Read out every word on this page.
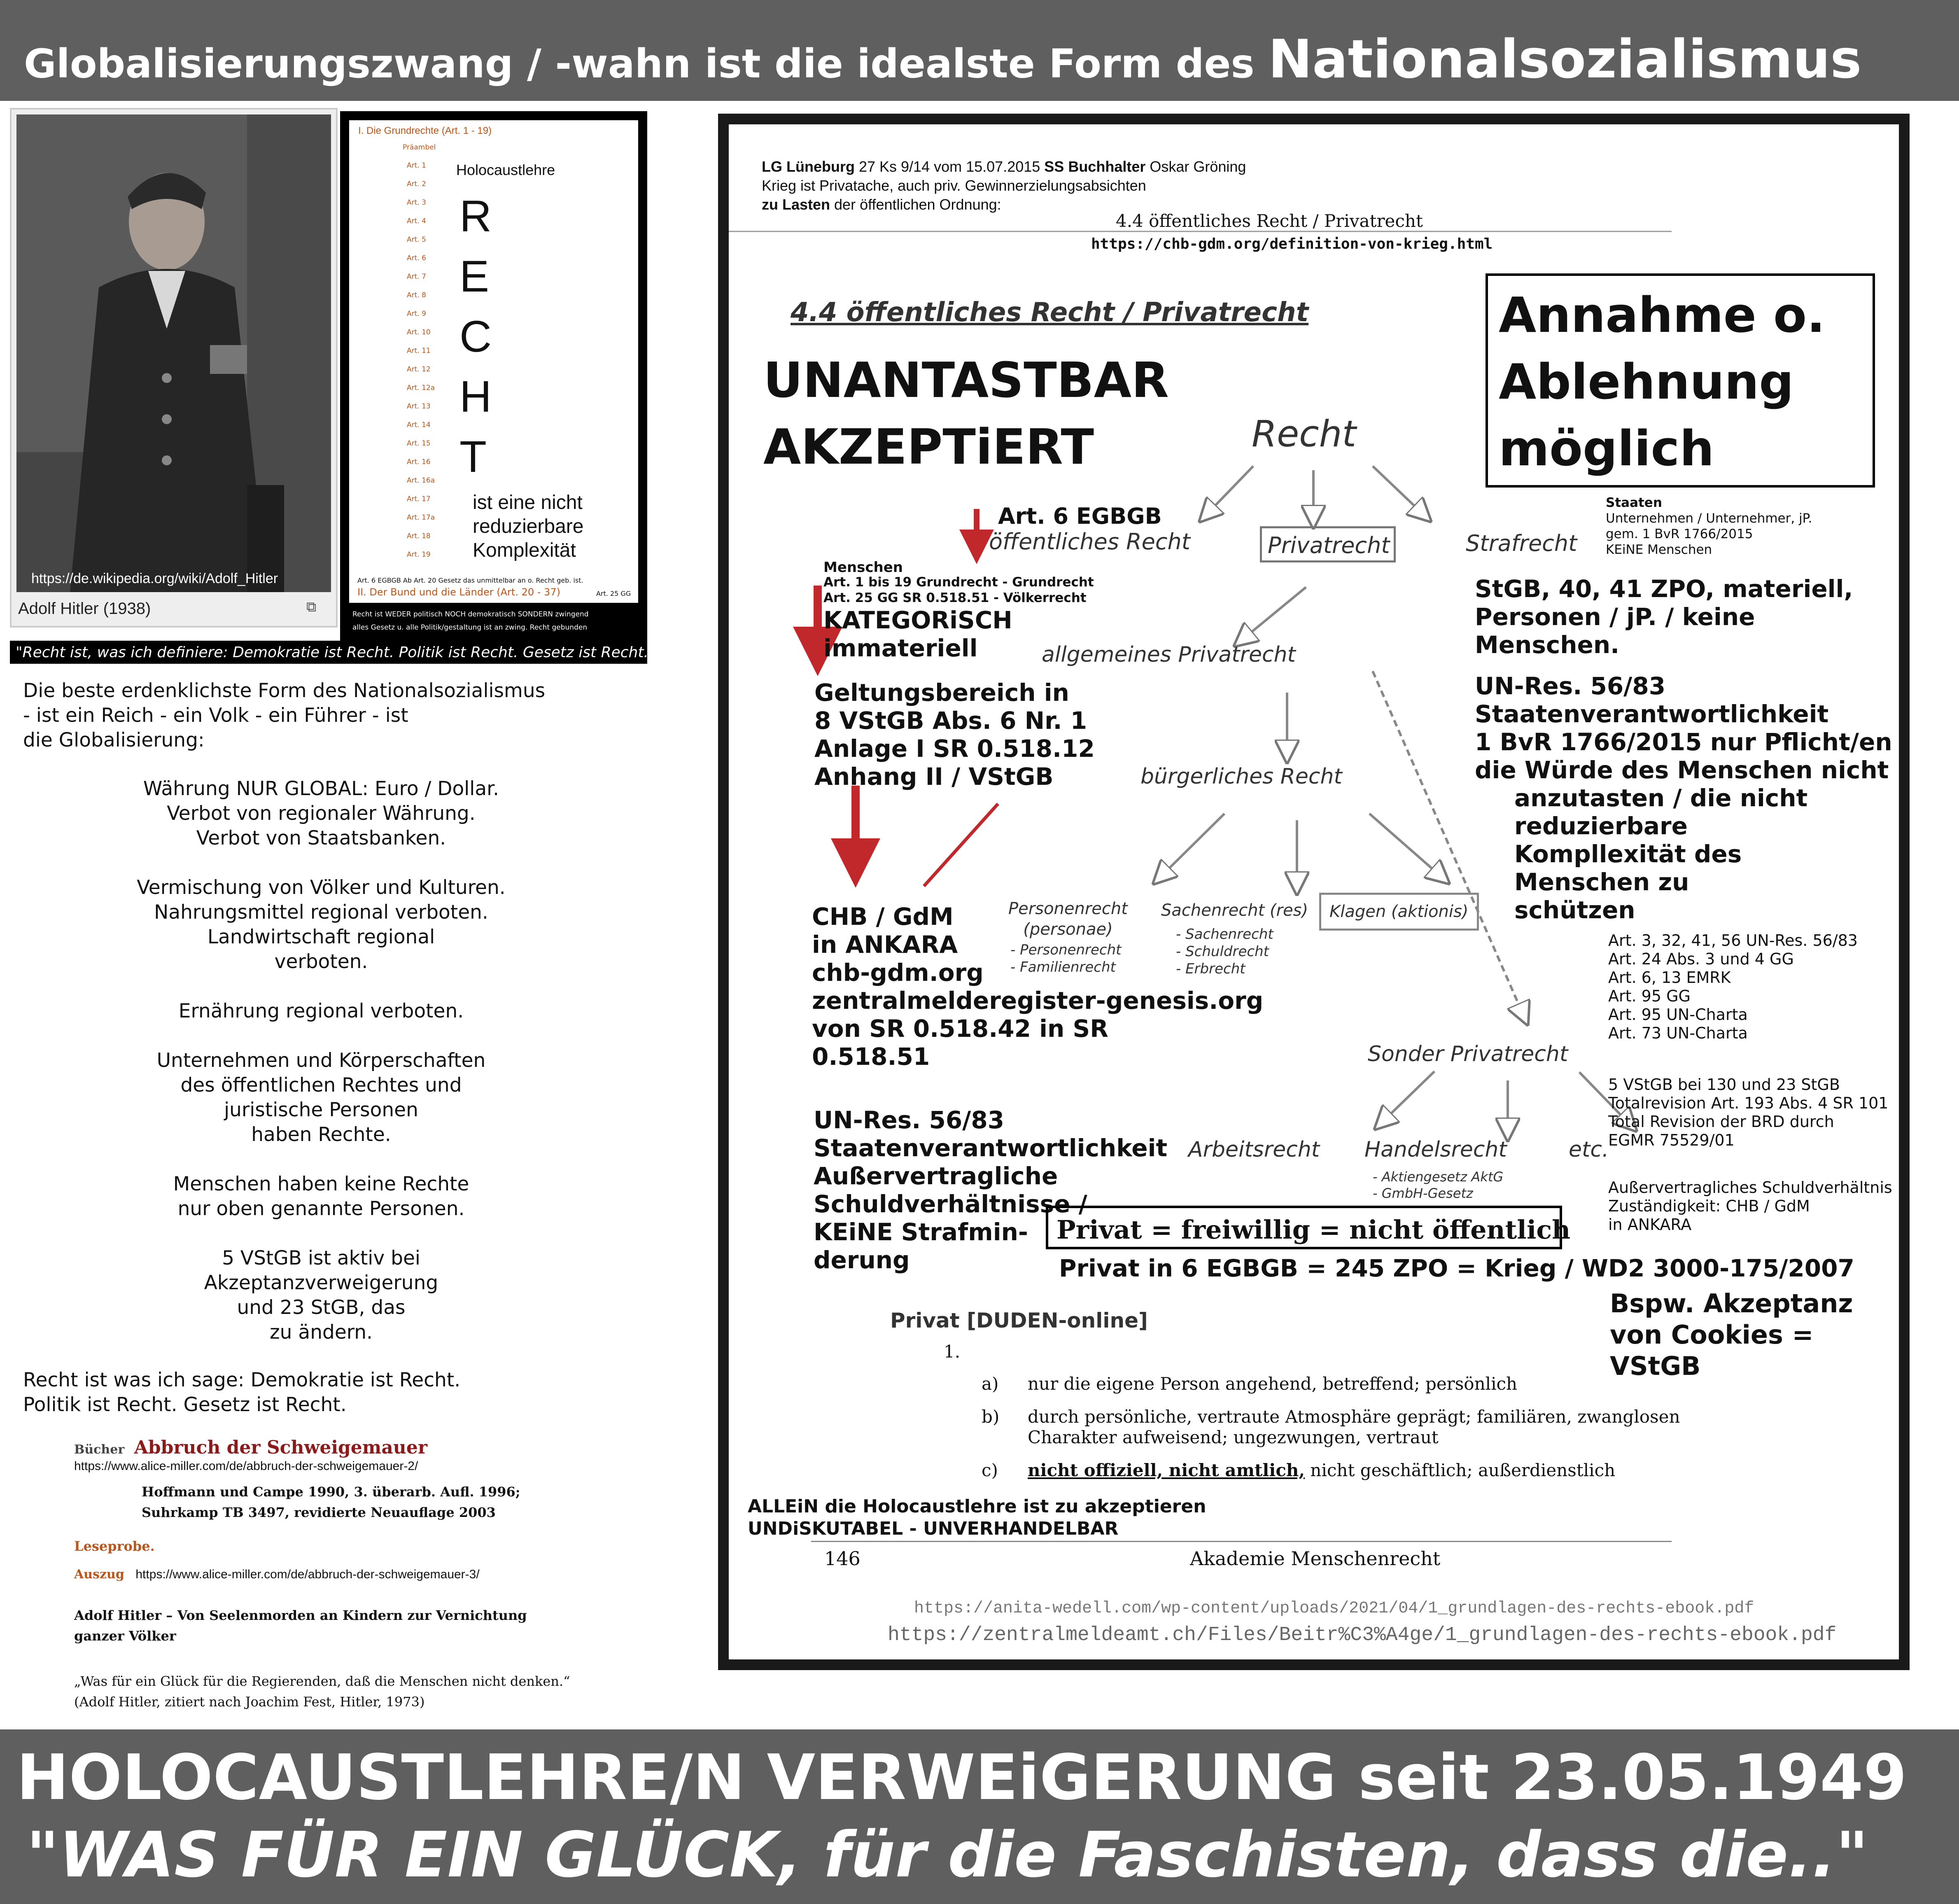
Globalisierungszwang / -wahn ist die idealste Form des Nationalsozialismus
https://de.wikipedia.org/wiki/Adolf_Hitler
Adolf Hitler (1938)	⧉
I. Die Grundrechte (Art. 1 - 19)
Präambel
Art. 1
Art. 2
Art. 3
Art. 4
Art. 5
Art. 6
Art. 7
Art. 8
Art. 9
Art. 10
Art. 11
Art. 12
Art. 12a
Art. 13
Art. 14
Art. 15
Art. 16
Art. 16a
Art. 17
Art. 17a
Art. 18
Art. 19
Holocaustlehre
R
E
C
H
T
ist eine nicht
reduzierbare
Komplexität
Art. 6 EGBGB Ab Art. 20 Gesetz das unmittelbar an o. Recht geb. ist.
II. Der Bund und die Länder (Art. 20 - 37)	Art. 25 GG
Recht ist WEDER politisch NOCH demokratisch SONDERN zwingend
alles Gesetz u. alle Politik/gestaltung ist an zwing. Recht gebunden
"Recht ist, was ich definiere: Demokratie ist Recht. Politik ist Recht. Gesetz ist Recht."
Die beste erdenklichste Form des Nationalsozialismus
- ist ein Reich - ein Volk - ein Führer - ist
die Globalisierung:
Währung NUR GLOBAL: Euro / Dollar.
Verbot von regionaler Währung.
Verbot von Staatsbanken.
Vermischung von Völker und Kulturen.
Nahrungsmittel regional verboten.
Landwirtschaft regional
verboten.
Ernährung regional verboten.
Unternehmen und Körperschaften
des öffentlichen Rechtes und
juristische Personen
haben Rechte.
Menschen haben keine Rechte
nur oben genannte Personen.
5 VStGB ist aktiv bei
Akzeptanzverweigerung
und 23 StGB, das
zu ändern.
Recht ist was ich sage: Demokratie ist Recht.
Politik ist Recht. Gesetz ist Recht.
Bücher Abbruch der Schweigemauer
https://www.alice-miller.com/de/abbruch-der-schweigemauer-2/
Hoffmann und Campe 1990, 3. überarb. Aufl. 1996;
Suhrkamp TB 3497, revidierte Neuauflage 2003
Leseprobe.
Auszug https://www.alice-miller.com/de/abbruch-der-schweigemauer-3/
Adolf Hitler – Von Seelenmorden an Kindern zur Vernichtung
ganzer Völker
„Was für ein Glück für die Regierenden, daß die Menschen nicht denken.“
(Adolf Hitler, zitiert nach Joachim Fest, Hitler, 1973)
LG Lüneburg 27 Ks 9/14 vom 15.07.2015 SS Buchhalter Oskar Gröning
Krieg ist Privatache, auch priv. Gewinnerzielungsabsichten
zu Lasten der öffentlichen Ordnung:
4.4 öffentliches Recht / Privatrecht
https://chb-gdm.org/definition-von-krieg.html
4.4 öffentliches Recht / Privatrecht	Annahme o.
Ablehnung
möglich
UNANTASTBAR
AKZEPTiERT	Recht
Art. 6 EGBGB
öffentliches Recht	Privatrecht	Strafrecht
Staaten
Unternehmen / Unternehmer, jP.
gem. 1 BvR 1766/2015
KEiNE Menschen
Menschen
Art. 1 bis 19 Grundrecht - Grundrecht
Art. 25 GG SR 0.518.51 - Völkerrecht
KATEGORiSCH
immateriell	allgemeines Privatrecht
StGB, 40, 41 ZPO, materiell,
Personen / jP. / keine
Menschen.
Geltungsbereich in
8 VStGB Abs. 6 Nr. 1
Anlage I SR 0.518.12
Anhang II / VStGB
UN-Res. 56/83
Staatenverantwortlichkeit
1 BvR 1766/2015 nur Pflicht/en
die Würde des Menschen nicht
anzutasten / die nicht
reduzierbare
Kompllexität des
Menschen zu
schützen
bürgerliches Recht
Personenrecht
(personae)
- Personenrecht
- Familienrecht
Sachenrecht (res)
- Sachenrecht
- Schuldrecht
- Erbrecht
Klagen (aktionis)
CHB / GdM
in ANKARA
chb-gdm.org
zentralmelderegister-genesis.org
von SR 0.518.42 in SR
0.518.51
Art. 3, 32, 41, 56 UN-Res. 56/83
Art. 24 Abs. 3 und 4 GG
Art. 6, 13 EMRK
Art. 95 GG
Art. 95 UN-Charta
Art. 73 UN-Charta
Sonder Privatrecht
5 VStGB bei 130 und 23 StGB
Totalrevision Art. 193 Abs. 4 SR 101
Total Revision der BRD durch
EGMR 75529/01
UN-Res. 56/83
Staatenverantwortlichkeit
Außervertragliche
Schuldverhältnisse /
KEiNE Strafmin-
derung
Arbeitsrecht Handelsrecht	etc.
- Aktiengesetz AktG
- GmbH-Gesetz	Außervertragliches Schuldverhältnis
Zuständigkeit: CHB / GdM
in ANKARA
Privat = freiwillig = nicht öffentlich
Privat in 6 EGBGB = 245 ZPO = Krieg / WD2 3000-175/2007
Bspw. Akzeptanz
von Cookies =
VStGB
Privat [DUDEN-online]
1.
a) nur die eigene Person angehend, betreffend; persönlich
b) durch persönliche, vertraute Atmosphäre geprägt; familiären, zwanglosen
Charakter aufweisend; ungezwungen, vertraut
c) nicht offiziell, nicht amtlich, nicht geschäftlich; außerdienstlich
ALLEiN die Holocaustlehre ist zu akzeptieren
UNDiSKUTABEL - UNVERHANDELBAR
146	Akademie Menschenrecht
https://anita-wedell.com/wp-content/uploads/2021/04/1_grundlagen-des-rechts-ebook.pdf
https://zentralmeldeamt.ch/Files/Beitr%C3%A4ge/1_grundlagen-des-rechts-ebook.pdf
HOLOCAUSTLEHRE/N VERWEiGERUNG seit 23.05.1949
"WAS FÜR EIN GLÜCK, für die Faschisten, dass die.."
